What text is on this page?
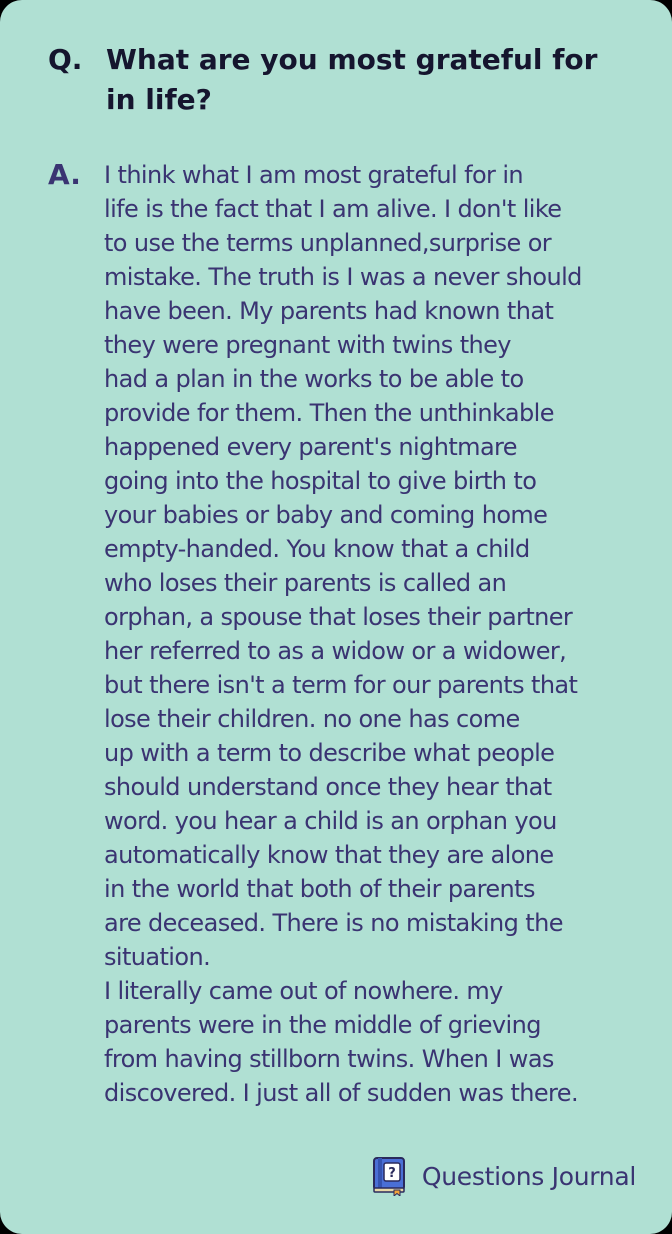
Q. What are you most grateful for in life?
A. I think what I am most grateful for in
life is the fact that I am alive. I don't like
to use the terms unplanned,surprise or
mistake. The truth is I was a never should
have been. My parents had known that
they were pregnant with twins they
had a plan in the works to be able to
provide for them. Then the unthinkable
happened every parent's nightmare
going into the hospital to give birth to
your babies or baby and coming home
empty-handed. You know that a child
who loses their parents is called an
orphan, a spouse that loses their partner
her referred to as a widow or a widower,
but there isn't a term for our parents that
lose their children. no one has come
up with a term to describe what people
should understand once they hear that
word. you hear a child is an orphan you
automatically know that they are alone
in the world that both of their parents
are deceased. There is no mistaking the
situation.
I literally came out of nowhere. my
parents were in the middle of grieving
from having stillborn twins. When I was
discovered. I just all of sudden was there.
? Questions Journal
